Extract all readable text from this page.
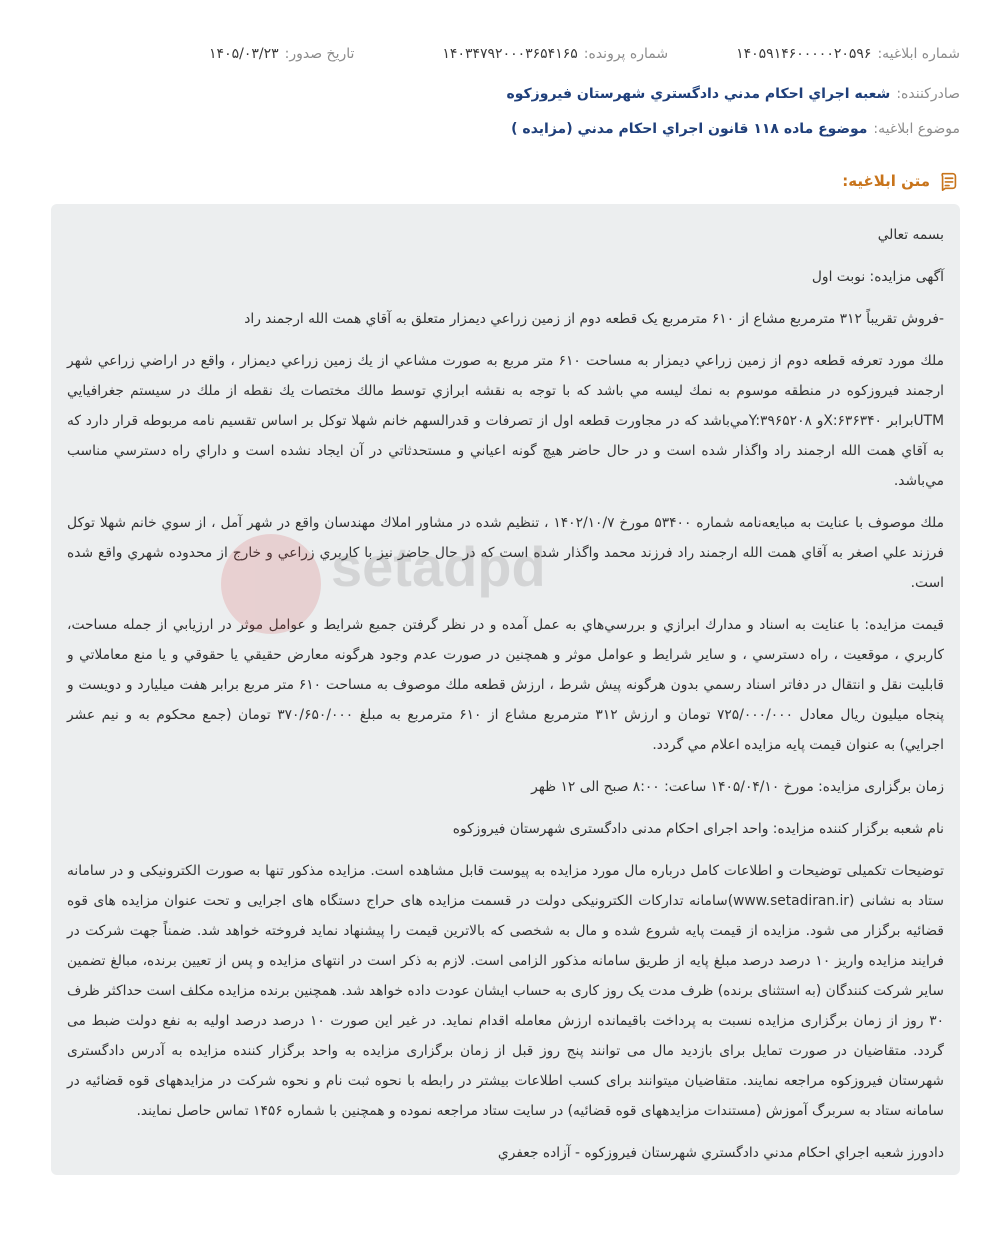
شماره ابلاغیه:
۱۴۰۵۹۱۴۶۰۰۰۰۰۲۰۵۹۶
شماره پرونده:
۱۴۰۳۴۷۹۲۰۰۰۳۶۵۴۱۶۵
تاریخ صدور:
۱۴۰۵/۰۳/۲۳
صادرکننده:
شعبه اجراي احكام مدني دادگستري شهرستان فيروزكوه
موضوع ابلاغیه:
موضوع ماده ۱۱۸ قانون اجراي احكام مدني (مزايده )
متن ابلاغیه:
setadpd

بسمه تعالي

آگهی مزایده: نوبت اول

-فروش تقريباً ۳۱۲ مترمربع مشاع از ۶۱۰ مترمربع يک قطعه دوم از زمين زراعي ديمزار متعلق به آقاي همت الله ارجمند راد

ملك مورد تعرفه قطعه دوم از زمين زراعي ديمزار به مساحت ۶۱۰ متر مربع به صورت مشاعي از يك زمين زراعي ديمزار ، واقع در اراضي زراعي شهر ارجمند فيروزكوه در منطقه موسوم به نمك ليسه مي باشد كه با توجه به نقشه ابرازي توسط مالك مختصات يك نقطه از ملك در سيستم جغرافيايي UTMبرابر X:۶۳۶۳۴۰و Y:۳۹۶۵۲۰۸مي‌باشد كه در مجاورت قطعه اول از تصرفات و قدرالسهم خانم شهلا توكل بر اساس تقسيم نامه مربوطه قرار دارد كه به آقاي همت الله ارجمند راد واگذار شده است و در حال حاضر هيچ گونه اعياني و مستحدثاتي در آن ايجاد نشده است و داراي راه دسترسي مناسب مي‌باشد.

ملك موصوف با عنايت به مبايعه‌نامه شماره ۵۳۴۰۰ مورخ ۱۴۰۲/۱۰/۷ ، تنظيم شده در مشاور املاك مهندسان واقع در شهر آمل ، از سوي خانم شهلا توكل فرزند علي اصغر به آقاي همت الله ارجمند راد فرزند محمد واگذار شده است كه در حال حاضر نيز با كاربري زراعي و خارج از محدوده شهري واقع شده است.

قيمت مزايده: با عنايت به اسناد و مدارك ابرازي و بررسي‌هاي به عمل آمده و در نظر گرفتن جميع شرايط و عوامل موثر در ارزيابي از جمله مساحت، كاربري ، موقعيت ، راه دسترسي ، و ساير شرايط و عوامل موثر و همچنين در صورت عدم وجود هرگونه معارض حقيقي يا حقوقي و يا منع معاملاتي و قابليت نقل و انتقال در دفاتر اسناد رسمي بدون هرگونه پيش شرط ، ارزش قطعه ملك موصوف به مساحت ۶۱۰ متر مربع برابر هفت ميليارد و دويست و پنجاه ميليون ريال معادل ۷۲۵/۰۰۰/۰۰۰ تومان و ارزش ۳۱۲ مترمربع مشاع از ۶۱۰ مترمربع به مبلغ ۳۷۰/۶۵۰/۰۰۰ تومان (جمع محكوم به و نيم عشر اجرايي) به عنوان قيمت پايه مزايده اعلام مي گردد.

زمان برگزاری مزایده: مورخ ۱۴۰۵/۰۴/۱۰ ساعت: ۸:۰۰ صبح الی ۱۲ ظهر

نام شعبه برگزار کننده مزایده: واحد اجرای احکام مدنی دادگستری شهرستان فیروزکوه

توضیحات تکمیلی توضیحات و اطلاعات کامل درباره مال مورد مزایده به پیوست قابل مشاهده است. مزایده مذکور تنها به صورت الکترونیکی و در سامانه ستاد به نشانی (www.setadiran.ir)سامانه تدارکات الکترونیکی دولت در قسمت مزایده های حراج دستگاه های اجرایی و تحت عنوان مزایده های قوه قضائیه برگزار می شود. مزایده از قیمت پایه شروع شده و مال به شخصی که بالاترین قیمت را پیشنهاد نماید فروخته خواهد شد. ضمناً جهت شرکت در فرایند مزایده واریز ۱۰ درصد درصد مبلغ پایه از طریق سامانه مذکور الزامی است. لازم به ذکر است در انتهای مزایده و پس از تعیین برنده، مبالغ تضمین سایر شرکت کنندگان (به استثنای برنده) ظرف مدت یک روز کاری به حساب ایشان عودت داده خواهد شد. همچنین برنده مزایده مکلف است حداکثر ظرف ۳۰ روز از زمان برگزاری مزایده نسبت به پرداخت باقیمانده ارزش معامله اقدام نماید. در غیر این صورت ۱۰ درصد درصد اولیه به نفع دولت ضبط می گردد. متقاضیان در صورت تمایل برای بازدید مال می توانند پنج روز قبل از زمان برگزاری مزایده به واحد برگزار کننده مزایده به آدرس دادگستری شهرستان فیروزکوه مراجعه نمایند. متقاضیان میتوانند برای کسب اطلاعات بیشتر در رابطه با نحوه ثبت نام و نحوه شرکت در مزایدههای قوه قضائیه در سامانه ستاد به سربرگ آموزش (مستندات مزایدههای قوه قضائیه) در سایت ستاد مراجعه نموده و همچنین با شماره ۱۴۵۶ تماس حاصل نمایند.

دادورز شعبه اجراي احكام مدني دادگستري شهرستان فيروزكوه - آزاده جعفري
